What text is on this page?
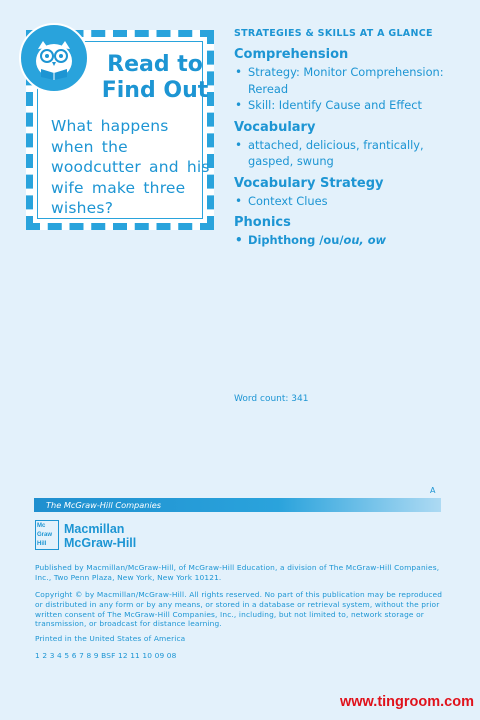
Read to
Find Out
What happens when the woodcutter and his wife make three wishes?
STRATEGIES & SKILLS AT A GLANCE
Comprehension
• Strategy: Monitor Comprehension: Reread
• Skill: Identify Cause and Effect
Vocabulary
• attached, delicious, frantically, gasped, swung
Vocabulary Strategy
• Context Clues
Phonics
• Diphthong /ou/ou, ow
Word count: 341
A
The McGraw-Hill Companies
Mc
Graw
Hill
Macmillan
McGraw-Hill
Published by Macmillan/McGraw-Hill, of McGraw-Hill Education, a division of The McGraw-Hill Companies, Inc., Two Penn Plaza, New York, New York 10121.
Copyright © by Macmillan/McGraw-Hill. All rights reserved. No part of this publication may be reproduced or distributed in any form or by any means, or stored in a database or retrieval system, without the prior written consent of The McGraw-Hill Companies, Inc., including, but not limited to, network storage or transmission, or broadcast for distance learning.
Printed in the United States of America
1 2 3 4 5 6 7 8 9 BSF 12 11 10 09 08
www.tingroom.com
